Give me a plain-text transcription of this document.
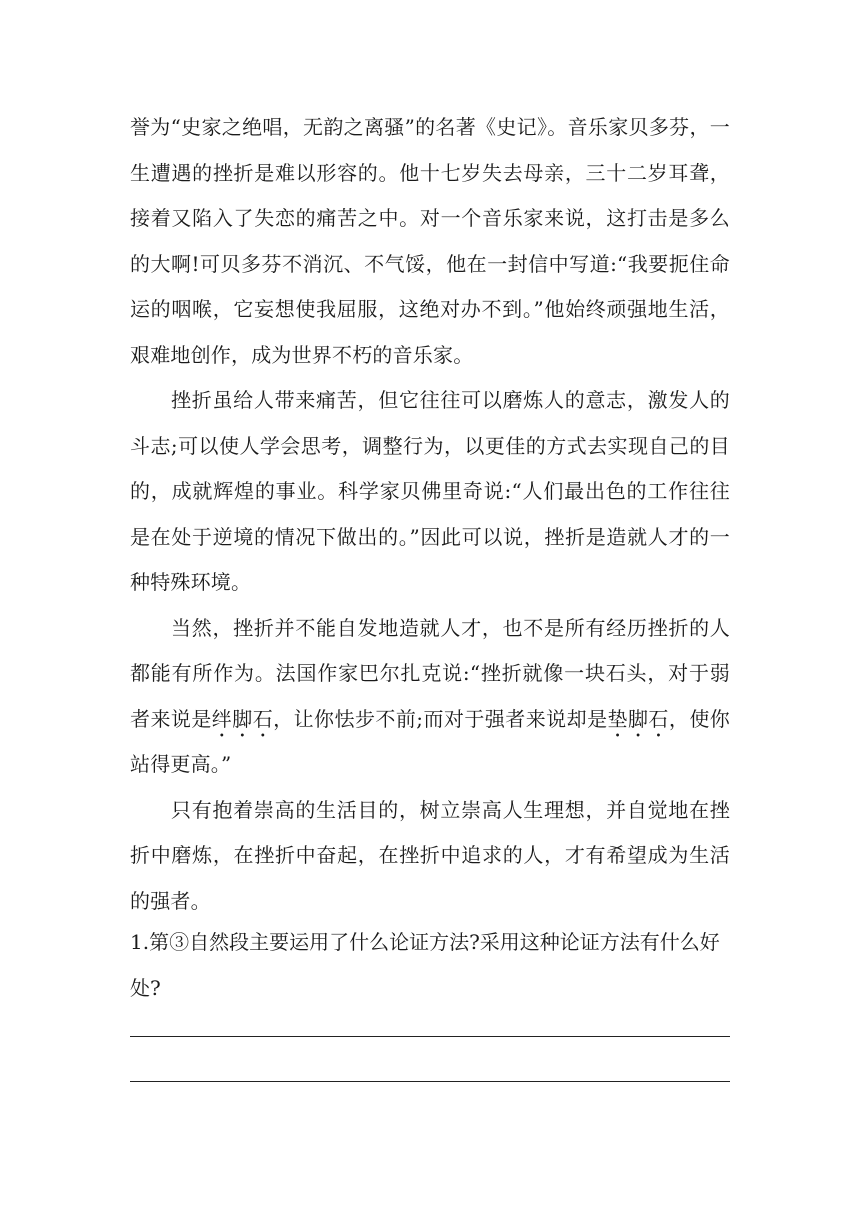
誉为“史家之绝唱，无韵之离骚”的名著《史记》。音乐家贝多芬，一生遭遇的挫折是难以形容的。他十七岁失去母亲，三十二岁耳聋，接着又陷入了失恋的痛苦之中。对一个音乐家来说，这打击是多么的大啊!可贝多芬不消沉、不气馁，他在一封信中写道:“我要扼住命运的咽喉，它妄想使我屈服，这绝对办不到。”他始终顽强地生活，艰难地创作，成为世界不朽的音乐家。

挫折虽给人带来痛苦，但它往往可以磨炼人的意志，激发人的斗志;可以使人学会思考，调整行为，以更佳的方式去实现自己的目的，成就辉煌的事业。科学家贝佛里奇说:“人们最出色的工作往往是在处于逆境的情况下做出的。”因此可以说，挫折是造就人才的一种特殊环境。

当然，挫折并不能自发地造就人才，也不是所有经历挫折的人都能有所作为。法国作家巴尔扎克说:“挫折就像一块石头，对于弱者来说是绊脚石，让你怯步不前;而对于强者来说却是垫脚石，使你站得更高。”

只有抱着崇高的生活目的，树立崇高人生理想，并自觉地在挫折中磨炼，在挫折中奋起，在挫折中追求的人，才有希望成为生活的强者。

1.第③自然段主要运用了什么论证方法?采用这种论证方法有什么好处?
